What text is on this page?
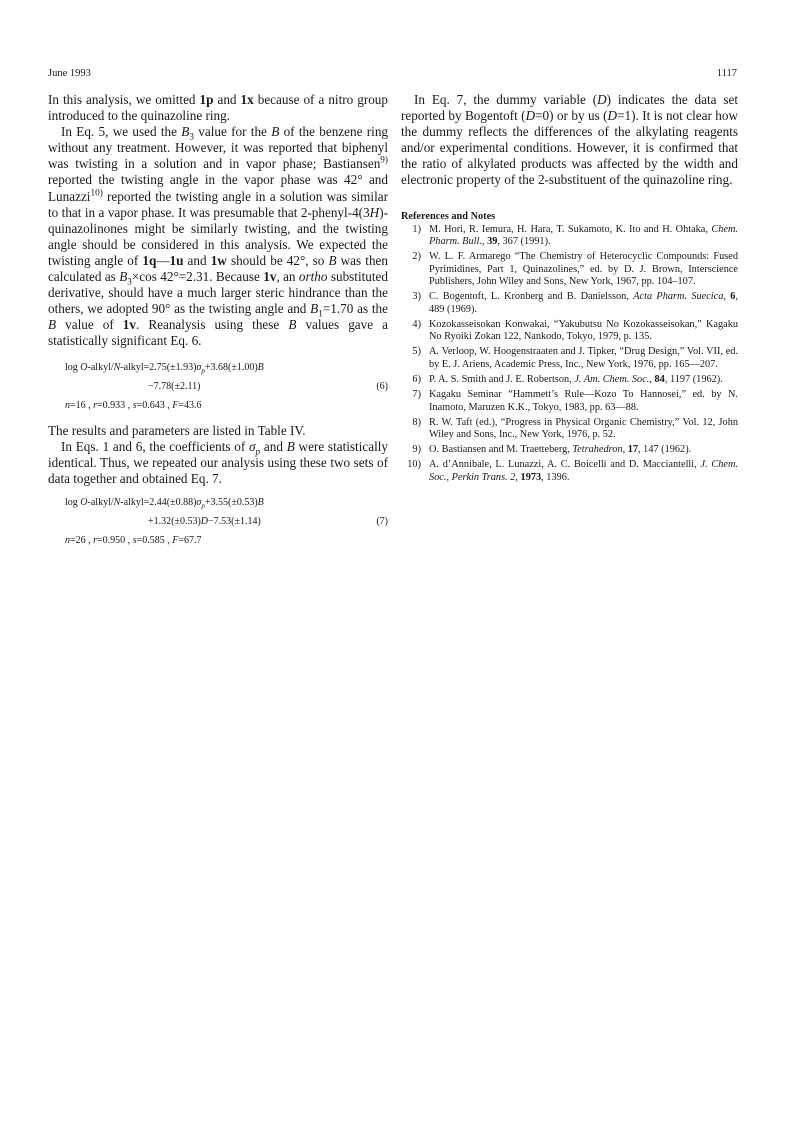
June 1993	1117

In this analysis, we omitted 1p and 1x because of a nitro group introduced to the quinazoline ring.

In Eq. 5, we used the $B_3$ value for the B of the benzene ring without any treatment. However, it was reported that biphenyl was twisting in a solution and in vapor phase; Bastiansen$^{9)}$ reported the twisting angle in the vapor phase was 42° and Lunazzi$^{10)}$ reported the twisting angle in a solution was similar to that in a vapor phase. It was presumable that 2-phenyl-4(3H)-quinazolinones might be similarly twisting, and the twisting angle should be considered in this analysis. We expected the twisting angle of 1q—1u and 1w should be 42°, so B was then calculated as $B_3\times\cos$ 42°=2.31. Because 1v, an ortho substituted derivative, should have a much larger steric hindrance than the others, we adopted 90° as the twisting angle and $B_1=1.70$ as the B value of 1v. Reanalysis using these B values gave a statistically significant Eq. 6.

$\log O-alkyl/N-alkyl=2.75(\pm 1.93)\sigma_p+3.68(\pm 1.00)B$
−7.78(±2.11)	(6)
n=16 , r=0.933 , s=0.643 , F=43.6

The results and parameters are listed in Table IV.

In Eqs. 1 and 6, the coefficients of $\sigma_p$ and B were statistically identical. Thus, we repeated our analysis using these two sets of data together and obtained Eq. 7.

$\log O-alkyl/N-alkyl=2.44(\pm 0.88)\sigma_p+3.55(\pm 0.53)B$
+1.32(±0.53)D−7.53(±1.14)	(7)
n=26 , r=0.950 , s=0.585 , F=67.7

In Eq. 7, the dummy variable (D) indicates the data set reported by Bogentoft (D=0) or by us (D=1). It is not clear how the dummy reflects the differences of the alkylating reagents and/or experimental conditions. However, it is confirmed that the ratio of alkylated products was affected by the width and electronic property of the 2-substituent of the quinazoline ring.

References and Notes
1) M. Hori, R. Iemura, H. Hara, T. Sukamoto, K. Ito and H. Ohtaka, Chem. Pharm. Bull., 39, 367 (1991).
2) W. L. F. Armarego “The Chemistry of Heterocyclic Compounds: Fused Pyrimidines, Part 1, Quinazolines,” ed. by D. J. Brown, Interscience Publishers, John Wiley and Sons, New York, 1967, pp. 104–107.
3) C. Bogentoft, L. Kronberg and B. Danielsson, Acta Pharm. Suecica, 6, 489 (1969).
4) Kozokasseisokan Konwakai, “Yakubutsu No Kozokasseisokan,” Kagaku No Ryoiki Zokan 122, Nankodo, Tokyo, 1979, p. 135.
5) A. Verloop, W. Hoogenstraaten and J. Tipker, “Drug Design,” Vol. VII, ed. by E. J. Ariens, Academic Press, Inc., New York, 1976, pp. 165—207.
6) P. A. S. Smith and J. E. Robertson, J. Am. Chem. Soc., 84, 1197 (1962).
7) Kagaku Seminar “Hammett’s Rule—Kozo To Hannosei,” ed. by N. Inamoto, Maruzen K.K., Tokyo, 1983, pp. 63—88.
8) R. W. Taft (ed.), “Progress in Physical Organic Chemistry,” Vol. 12, John Wiley and Sons, Inc., New York, 1976, p. 52.
9) O. Bastiansen and M. Traetteberg, Tetrahedron, 17, 147 (1962).
10) A. d’Annibale, L. Lunazzi, A. C. Boicelli and D. Macciantelli, J. Chem. Soc., Perkin Trans. 2, 1973, 1396.
